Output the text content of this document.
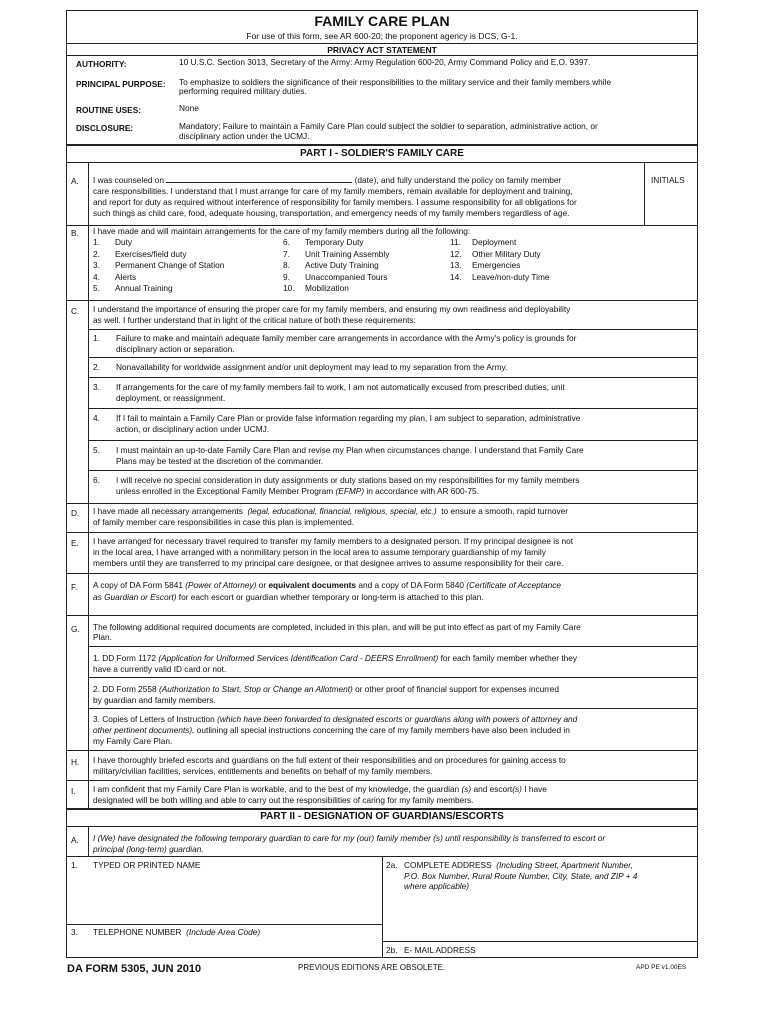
FAMILY CARE PLAN
For use of this form, see AR 600-20; the proponent agency is DCS, G-1.
PRIVACY ACT STATEMENT
AUTHORITY:	10 U.S.C. Section 3013, Secretary of the Army: Army Regulation 600-20, Army Command Policy and E.O. 9397.
PRINCIPAL PURPOSE: To emphasize to soldiers the significance of their responsibilities to the military service and their family members while
performing required military duties.
ROUTINE USES:	None
DISCLOSURE:	Mandatory; Failure to maintain a Family Care Plan could subject the soldier to separation, administrative action, or
disciplinary action under the UCMJ.
PART I - SOLDIER'S FAMILY CARE
INITIALS
A. I was counseled on	(date), and fully understand the policy on family member
care responsibilities. I understand that I must arrange for care of my family members, remain available for deployment and training,
and report for duty as required without interference of responsibility for family members. I assume responsibility for all obligations for
such things as child care, food, adequate housing, transportation, and emergency needs of my family members regardless of age.
B. I have made and will maintain arrangements for the care of my family members during all the following:
1. Duty
2. Exercises/field duty
3. Permanent Change of Station
4. Alerts
5. Annual Training
6. Temporary Duty
7. Unit Training Assembly
8. Active Duty Training
9. Unaccompanied Tours
10. Mobilization
11. Deployment
12. Other Military Duty
13. Emergencies
14. Leave/non-duty Time
C. I understand the importance of ensuring the proper care for my family members, and ensuring my own readiness and deployability
as well. I further understand that in light of the critical nature of both these requirements:
1. Failure to make and maintain adequate family member care arrangements in accordance with the Army's policy is grounds for
disciplinary action or separation.
2. Nonavailability for worldwide assignment and/or unit deployment may lead to my separation from the Army.
3. If arrangements for the care of my family members fail to work, I am not automatically excused from prescribed duties, unit
deployment, or reassignment.
4. If I fail to maintain a Family Care Plan or provide false information regarding my plan, I am subject to separation, administrative
action, or disciplinary action under UCMJ.
5. I must maintain an up-to-date Family Care Plan and revise my Plan when circumstances change. I understand that Family Care
Plans may be tested at the discretion of the commander.
6. I will receive no special consideration in duty assignments or duty stations based on my responsibilities for my family members
unless enrolled in the Exceptional Family Member Program (EFMP) in accordance with AR 600-75.
D. I have made all necessary arrangements (legal, educational, financial, religious, special, etc.) to ensure a smooth, rapid turnover
of family member care responsibilities in case this plan is implemented.
E. I have arranged for necessary travel required to transfer my family members to a designated person. If my principal designee is not
in the local area, I have arranged with a nonmilitary person in the local area to assume temporary guardianship of my family
members until they are transferred to my principal care designee, or that designee arrives to assume responsibility for their care.
F. A copy of DA Form 5841 (Power of Attorney) or equivalent documents and a copy of DA Form 5840 (Certificate of Acceptance
as Guardian or Escort) for each escort or guardian whether temporary or long-term is attached to this plan.
G. The following additional required documents are completed, included in this plan, and will be put into effect as part of my Family Care
Plan.
1. DD Form 1172 (Application for Uniformed Services Identification Card - DEERS Enrollment) for each family member whether they
have a currently valid ID card or not.
2. DD Form 2558 (Authorization to Start, Stop or Change an Allotment) or other proof of financial support for expenses incurred
by guardian and family members.
3. Copies of Letters of Instruction (which have been forwarded to designated escorts or guardians along with powers of attorney and
other pertinent documents), outlining all special instructions concerning the care of my family members have also been included in
my Family Care Plan.
H. I have thoroughly briefed escorts and guardians on the full extent of their responsibilities and on procedures for gaining access to
military/civilian facilities, services, entitlements and benefits on behalf of my family members.
I. I am confident that my Family Care Plan is workable, and to the best of my knowledge, the guardian (s) and escort(s) I have
designated will be both willing and able to carry out the responsibilities of caring for my family members.
PART II - DESIGNATION OF GUARDIANS/ESCORTS
A. I (We) have designated the following temporary guardian to care for my (our) family member (s) until responsibility is transferred to escort or
principal (long-term) guardian.
1. TYPED OR PRINTED NAME	2a. COMPLETE ADDRESS (Including Street, Apartment Number,
P.O. Box Number, Rural Route Number, City, State, and ZIP + 4
where applicable)
3. TELEPHONE NUMBER (Include Area Code)
2b. E- MAIL ADDRESS
DA FORM 5305, JUN 2010	PREVIOUS EDITIONS ARE OBSOLETE.	APD PE v1.00ES
